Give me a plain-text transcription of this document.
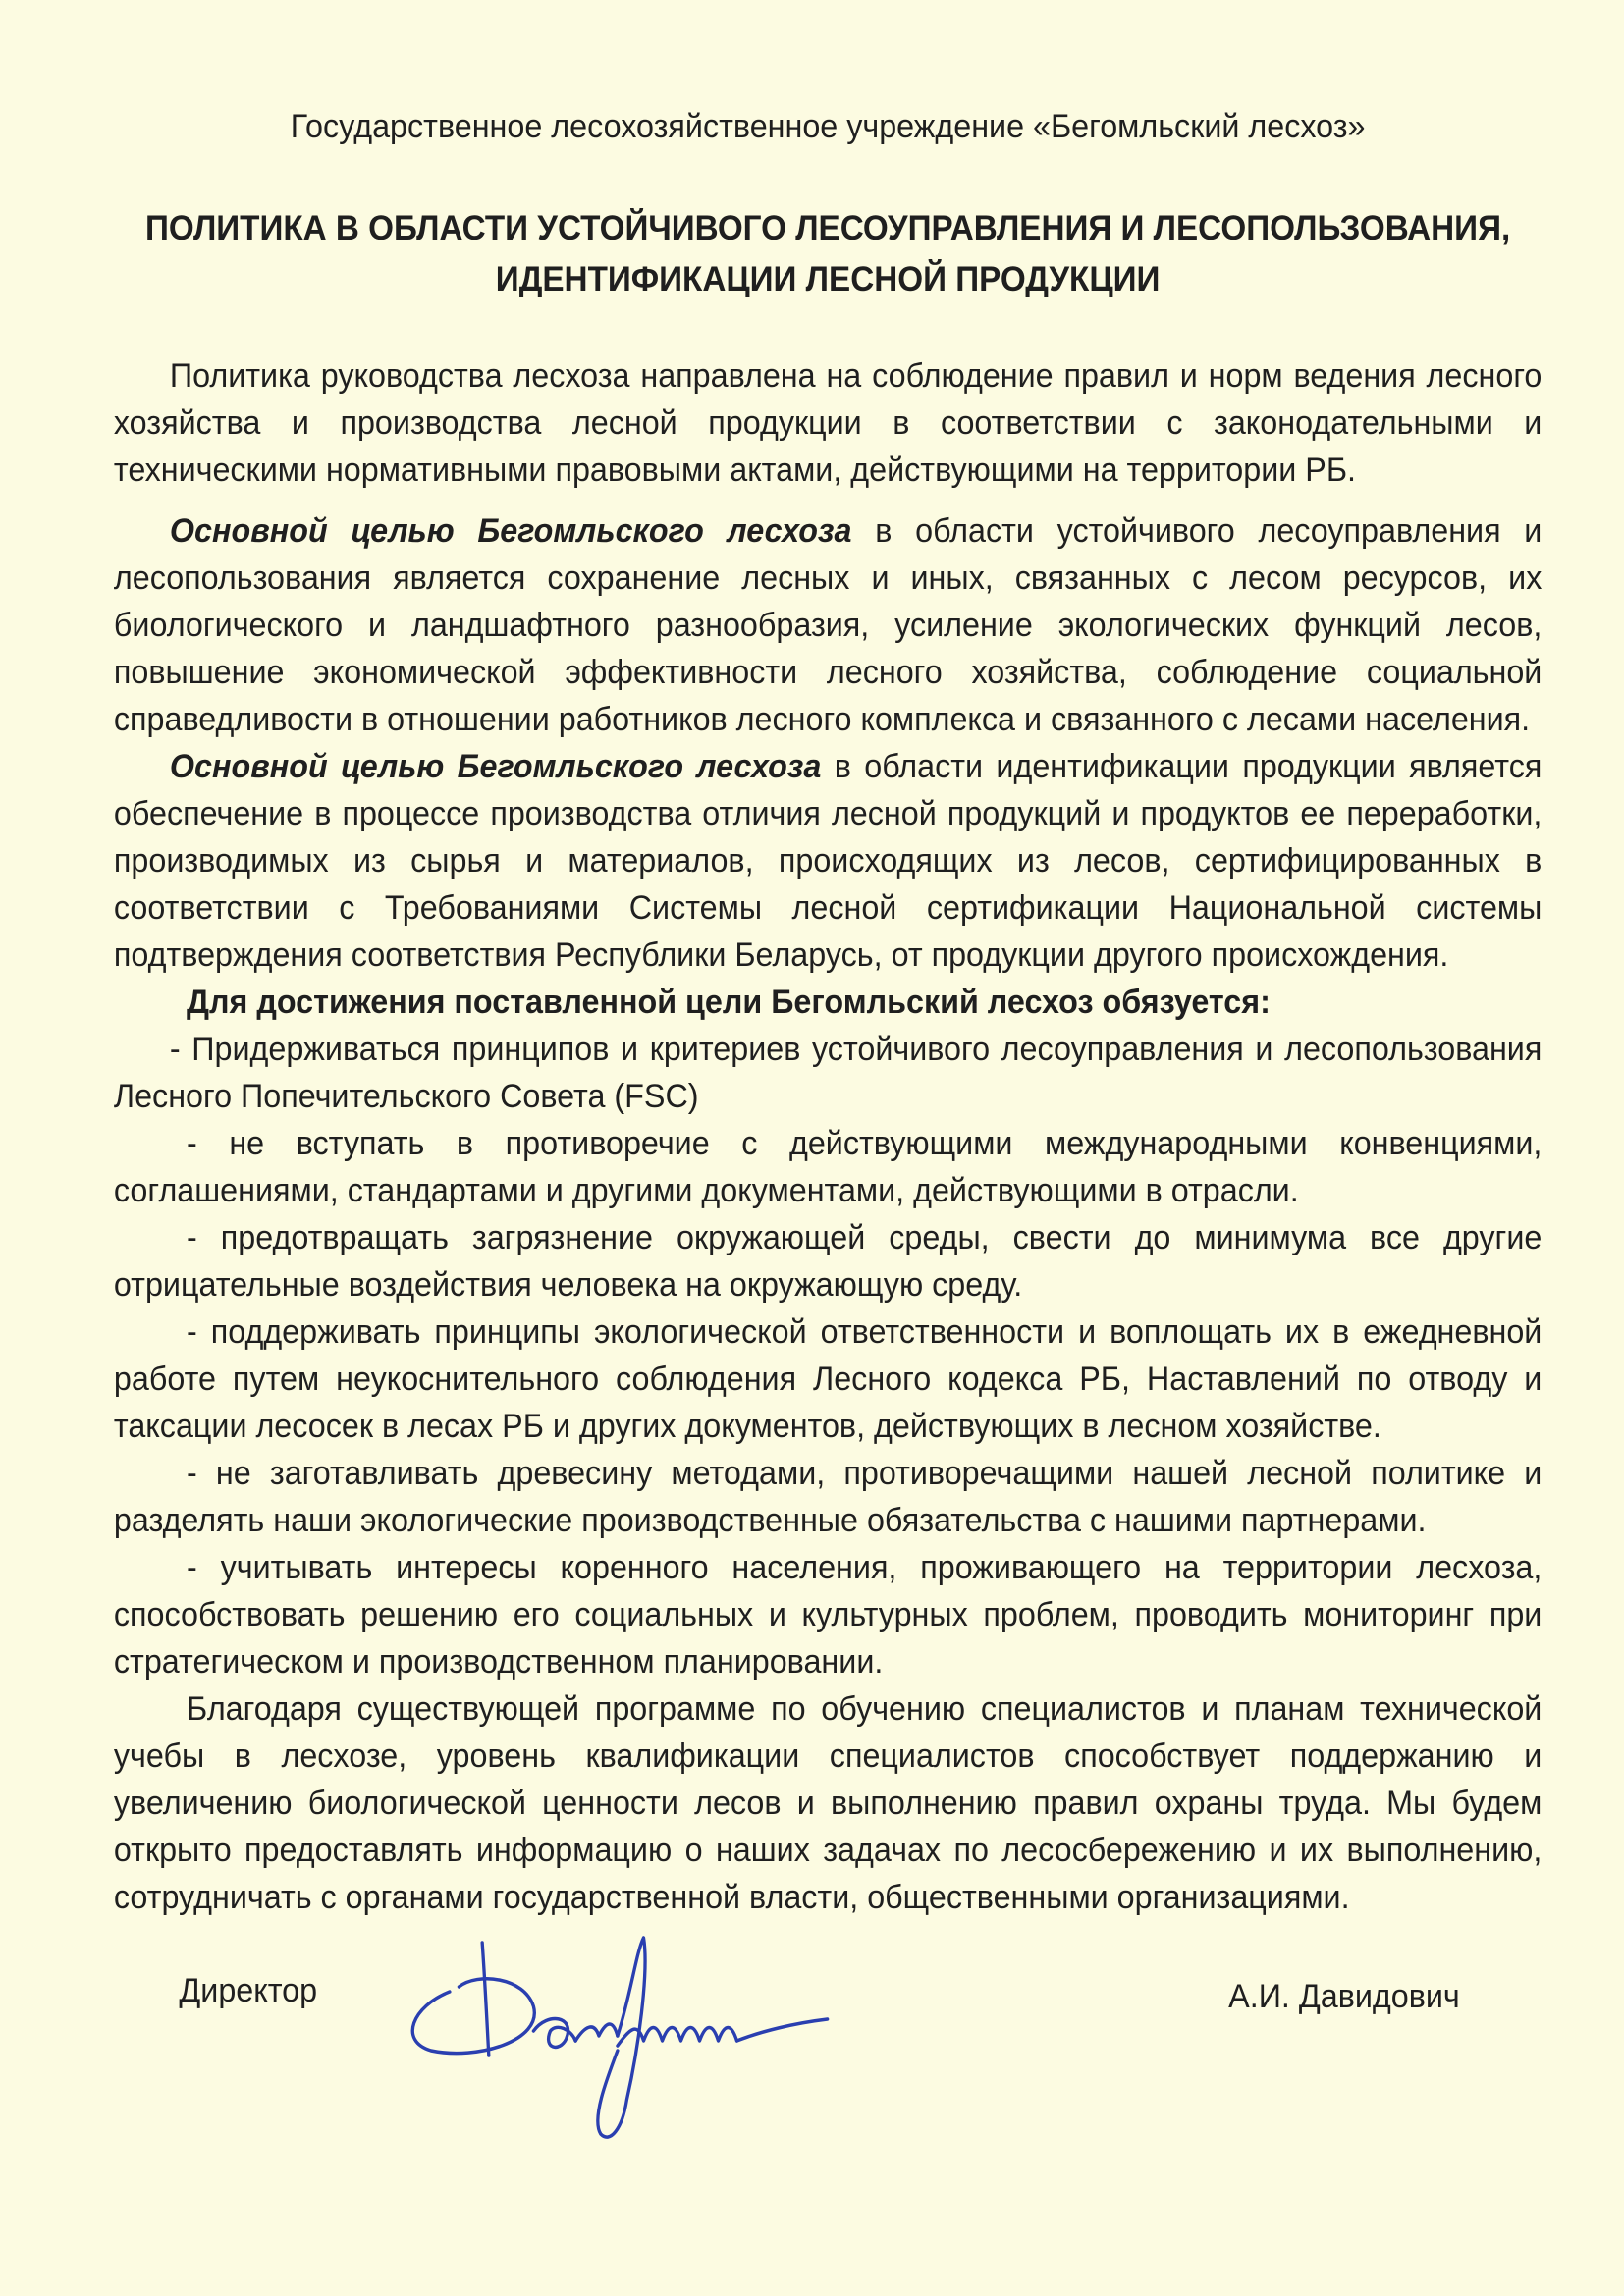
Государственное лесохозяйственное учреждение «Бегомльский лесхоз»
ПОЛИТИКА В ОБЛАСТИ УСТОЙЧИВОГО ЛЕСОУПРАВЛЕНИЯ И ЛЕСОПОЛЬЗОВАНИЯ,
ИДЕНТИФИКАЦИИ ЛЕСНОЙ ПРОДУКЦИИ

Политика руководства лесхоза направлена на соблюдение правил и норм ведения лесного хозяйства и производства лесной продукции в соответствии с законодательными и техническими нормативными правовыми актами, действующими на территории РБ.

Основной целью Бегомльского лесхоза в области устойчивого лесоуправления и лесопользования является сохранение лесных и иных, связанных с лесом ресурсов, их биологического и ландшафтного разнообразия, усиление экологических функций лесов, повышение экономической эффективности лесного хозяйства, соблюдение социальной справедливости в отношении работников лесного комплекса и связанного с лесами населения.

Основной целью Бегомльского лесхоза в области идентификации продукции является обеспечение в процессе производства отличия лесной продукций и продуктов ее переработки, производимых из сырья и материалов, происходящих из лесов, сертифицированных в соответствии с Требованиями Системы лесной сертификации Национальной системы подтверждения соответствия Республики Беларусь, от продукции другого происхождения.

Для достижения поставленной цели Бегомльский лесхоз обязуется:

- Придерживаться принципов и критериев устойчивого лесоуправления и лесопользования Лесного Попечительского Совета (FSC)

- не вступать в противоречие с действующими международными конвенциями, соглашениями, стандартами и другими документами, действующими в отрасли.

- предотвращать загрязнение окружающей среды, свести до минимума все другие отрицательные воздействия человека на окружающую среду.

- поддерживать принципы экологической ответственности и воплощать их в ежедневной работе путем неукоснительного соблюдения Лесного кодекса РБ, Наставлений по отводу и таксации лесосек в лесах РБ и других документов, действующих в лесном хозяйстве.

- не заготавливать древесину методами, противоречащими нашей лесной политике и разделять наши экологические производственные обязательства с нашими партнерами.

- учитывать интересы коренного населения, проживающего на территории лесхоза, способствовать решению его социальных и культурных проблем, проводить мониторинг при стратегическом и производственном планировании.

Благодаря существующей программе по обучению специалистов и планам технической учебы в лесхозе, уровень квалификации специалистов способствует поддержанию и увеличению биологической ценности лесов и выполнению правил охраны труда. Мы будем открыто предоставлять информацию о наших задачах по лесосбережению и их выполнению, сотрудничать с органами государственной власти, общественными организациями.

Директор	А.И. Давидович
